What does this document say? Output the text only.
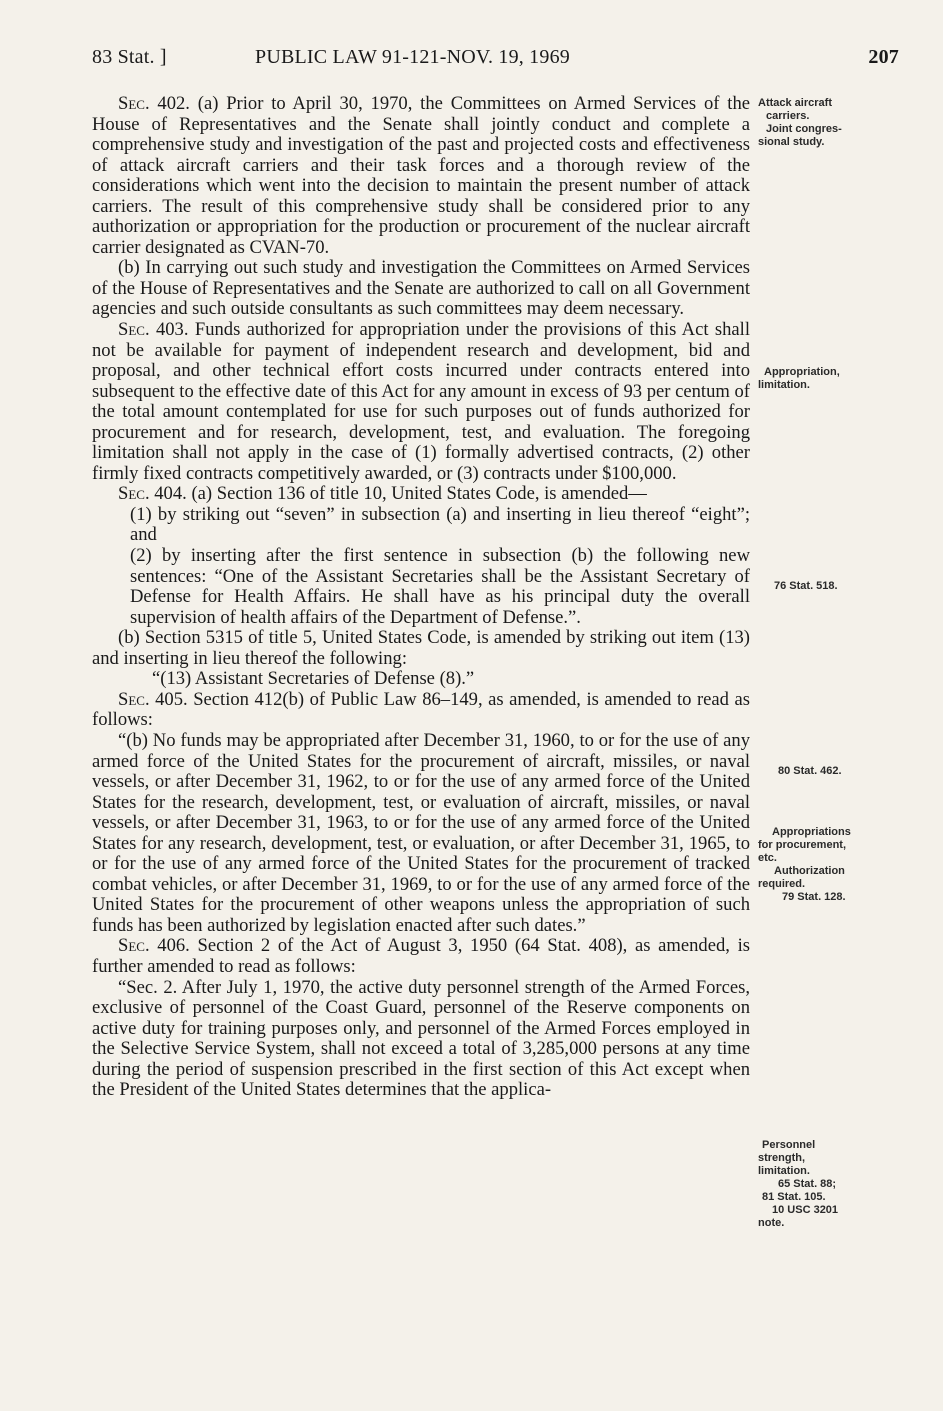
83 Stat. ]	PUBLIC LAW 91-121-NOV. 19, 1969	207

Sec. 402. (a) Prior to April 30, 1970, the Committees on Armed Services of the House of Representatives and the Senate shall jointly conduct and complete a comprehensive study and investigation of the past and projected costs and effectiveness of attack aircraft carriers and their task forces and a thorough review of the considerations which went into the decision to maintain the present number of attack carriers. The result of this comprehensive study shall be considered prior to any authorization or appropriation for the production or procurement of the nuclear aircraft carrier designated as CVAN-70.

(b) In carrying out such study and investigation the Committees on Armed Services of the House of Representatives and the Senate are authorized to call on all Government agencies and such outside consultants as such committees may deem necessary.

Sec. 403. Funds authorized for appropriation under the provisions of this Act shall not be available for payment of independent research and development, bid and proposal, and other technical effort costs incurred under contracts entered into subsequent to the effective date of this Act for any amount in excess of 93 per centum of the total amount contemplated for use for such purposes out of funds authorized for procurement and for research, development, test, and evaluation. The foregoing limitation shall not apply in the case of (1) formally advertised contracts, (2) other firmly fixed contracts competitively awarded, or (3) contracts under $100,000.

Sec. 404. (a) Section 136 of title 10, United States Code, is amended—

(1) by striking out “seven” in subsection (a) and inserting in lieu thereof “eight”; and

(2) by inserting after the first sentence in subsection (b) the following new sentences: “One of the Assistant Secretaries shall be the Assistant Secretary of Defense for Health Affairs. He shall have as his principal duty the overall supervision of health affairs of the Department of Defense.”.

(b) Section 5315 of title 5, United States Code, is amended by striking out item (13) and inserting in lieu thereof the following:

“(13) Assistant Secretaries of Defense (8).”

Sec. 405. Section 412(b) of Public Law 86–149, as amended, is amended to read as follows:

“(b) No funds may be appropriated after December 31, 1960, to or for the use of any armed force of the United States for the procurement of aircraft, missiles, or naval vessels, or after December 31, 1962, to or for the use of any armed force of the United States for the research, development, test, or evaluation of aircraft, missiles, or naval vessels, or after December 31, 1963, to or for the use of any armed force of the United States for any research, development, test, or evaluation, or after December 31, 1965, to or for the use of any armed force of the United States for the procurement of tracked combat vehicles, or after December 31, 1969, to or for the use of any armed force of the United States for the procurement of other weapons unless the appropriation of such funds has been authorized by legislation enacted after such dates.”

Sec. 406. Section 2 of the Act of August 3, 1950 (64 Stat. 408), as amended, is further amended to read as follows:

“Sec. 2. After July 1, 1970, the active duty personnel strength of the Armed Forces, exclusive of personnel of the Coast Guard, personnel of the Reserve components on active duty for training purposes only, and personnel of the Armed Forces employed in the Selective Service System, shall not exceed a total of 3,285,000 persons at any time during the period of suspension prescribed in the first section of this Act except when the President of the United States determines that the applica-

Attack aircraft
carriers.
Joint congres-
sional study.
Appropriation,
limitation.
76 Stat. 518.
80 Stat. 462.
Appropriations
for procurement,
etc.
Authorization
required.
79 Stat. 128.
Personnel
strength,
limitation.
65 Stat. 88;
81 Stat. 105.
10 USC 3201
note.
